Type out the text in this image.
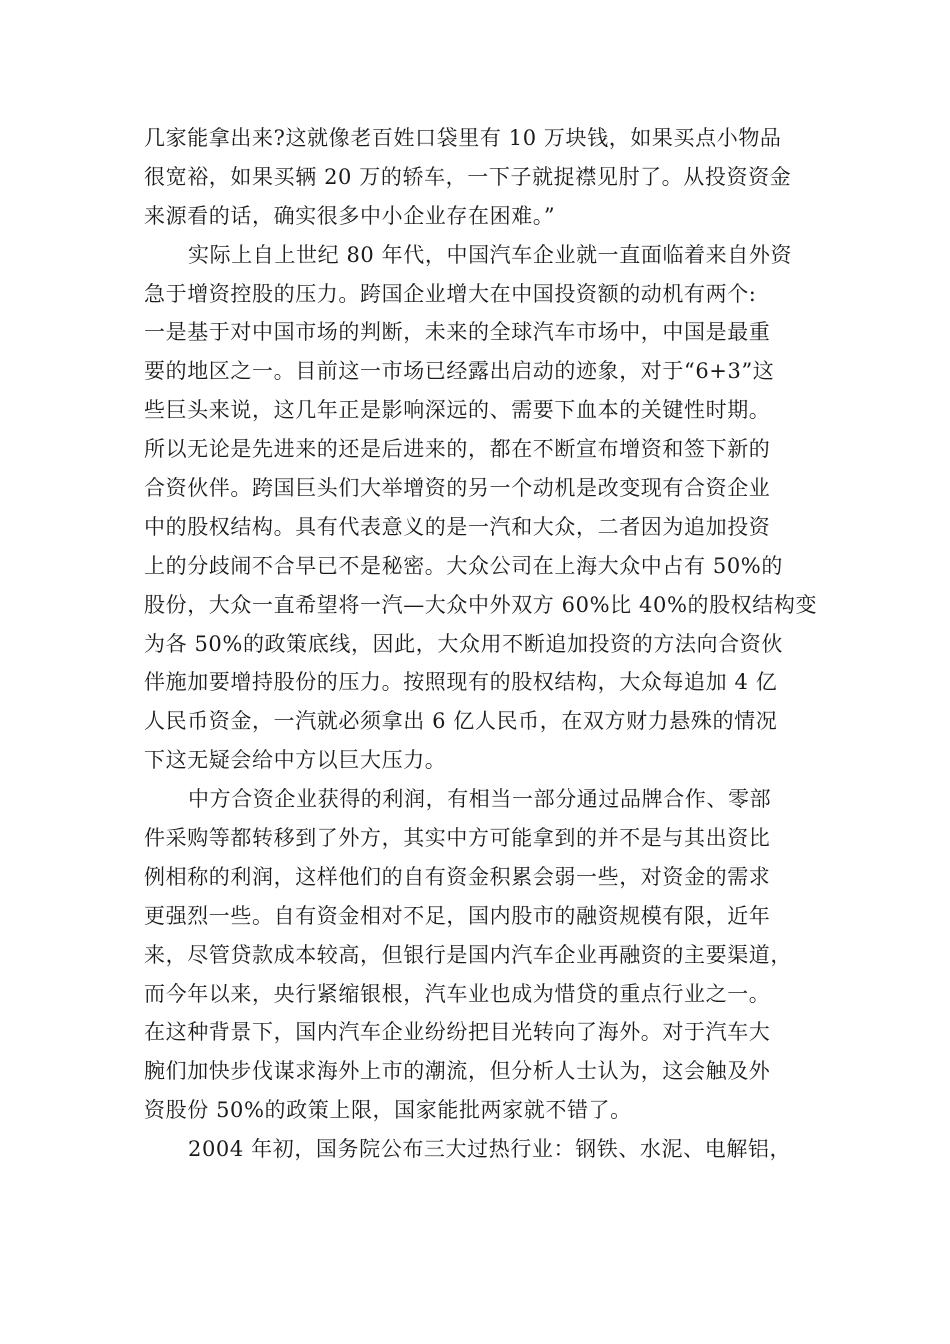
几家能拿出来?这就像老百姓口袋里有 10 万块钱，如果买点小物品
很宽裕，如果买辆 20 万的轿车，一下子就捉襟见肘了。从投资资金
来源看的话，确实很多中小企业存在困难。”
实际上自上世纪 80 年代，中国汽车企业就一直面临着来自外资
急于增资控股的压力。跨国企业增大在中国投资额的动机有两个:
一是基于对中国市场的判断，未来的全球汽车市场中，中国是最重
要的地区之一。目前这一市场已经露出启动的迹象，对于“6+3”这
些巨头来说，这几年正是影响深远的、需要下血本的关键性时期。
所以无论是先进来的还是后进来的，都在不断宣布增资和签下新的
合资伙伴。跨国巨头们大举增资的另一个动机是改变现有合资企业
中的股权结构。具有代表意义的是一汽和大众，二者因为追加投资
上的分歧闹不合早已不是秘密。大众公司在上海大众中占有 50%的
股份，大众一直希望将一汽—大众中外双方 60%比 40%的股权结构变
为各 50%的政策底线，因此，大众用不断追加投资的方法向合资伙
伴施加要增持股份的压力。按照现有的股权结构，大众每追加 4 亿
人民币资金，一汽就必须拿出 6 亿人民币，在双方财力悬殊的情况
下这无疑会给中方以巨大压力。
中方合资企业获得的利润，有相当一部分通过品牌合作、零部
件采购等都转移到了外方，其实中方可能拿到的并不是与其出资比
例相称的利润，这样他们的自有资金积累会弱一些，对资金的需求
更强烈一些。自有资金相对不足，国内股市的融资规模有限，近年
来，尽管贷款成本较高，但银行是国内汽车企业再融资的主要渠道，
而今年以来，央行紧缩银根，汽车业也成为惜贷的重点行业之一。
在这种背景下，国内汽车企业纷纷把目光转向了海外。对于汽车大
腕们加快步伐谋求海外上市的潮流，但分析人士认为，这会触及外
资股份 50%的政策上限，国家能批两家就不错了。
2004 年初，国务院公布三大过热行业：钢铁、水泥、电解铝，
